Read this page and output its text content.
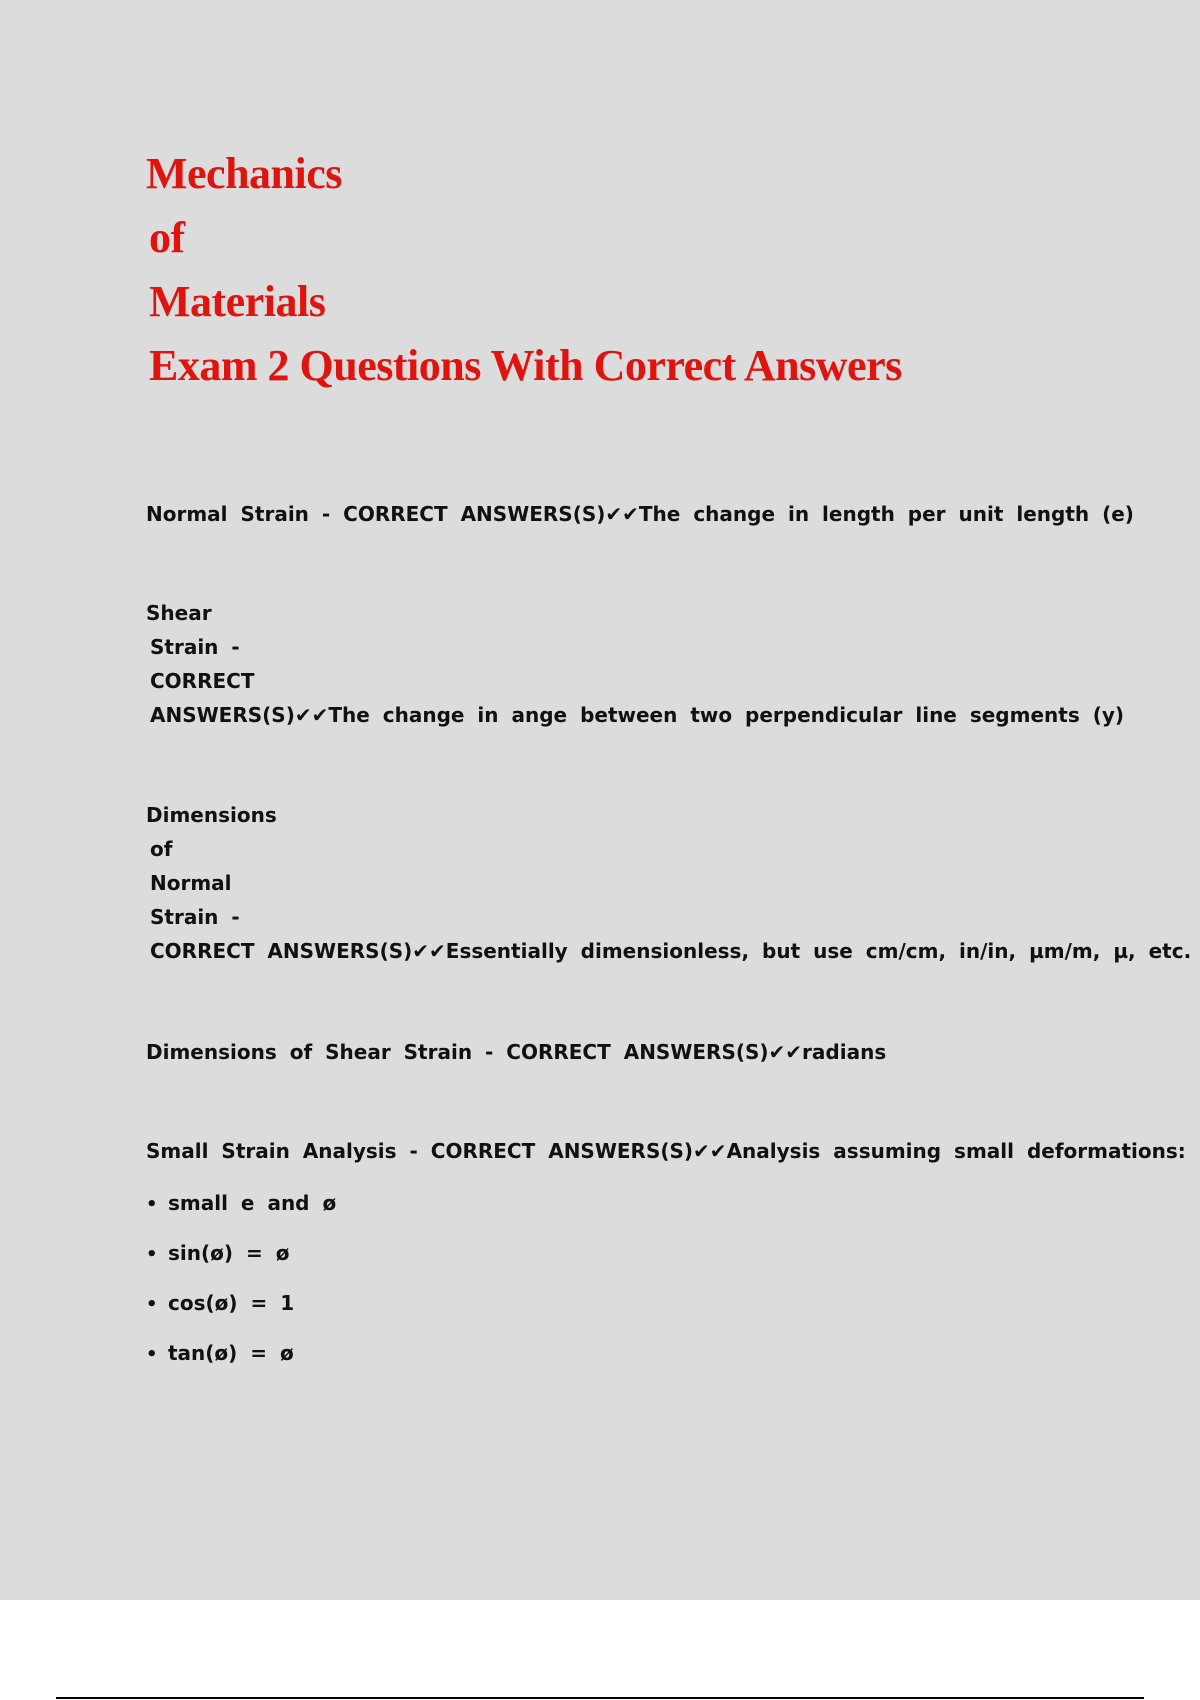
Mechanics
of
Materials
Exam 2 Questions With Correct Answers
Normal Strain - CORRECT ANSWERS(S)✔✔The change in length per unit length (e)
Shear
Strain -
CORRECT
ANSWERS(S)✔✔The change in ange between two perpendicular line segments (y)
Dimensions
of
Normal
Strain -
CORRECT ANSWERS(S)✔✔Essentially dimensionless, but use cm/cm, in/in, µm/m, µ, etc.
Dimensions of Shear Strain - CORRECT ANSWERS(S)✔✔radians
Small Strain Analysis - CORRECT ANSWERS(S)✔✔Analysis assuming small deformations:
• small e and ø
• sin(ø) = ø
• cos(ø) = 1
• tan(ø) = ø
